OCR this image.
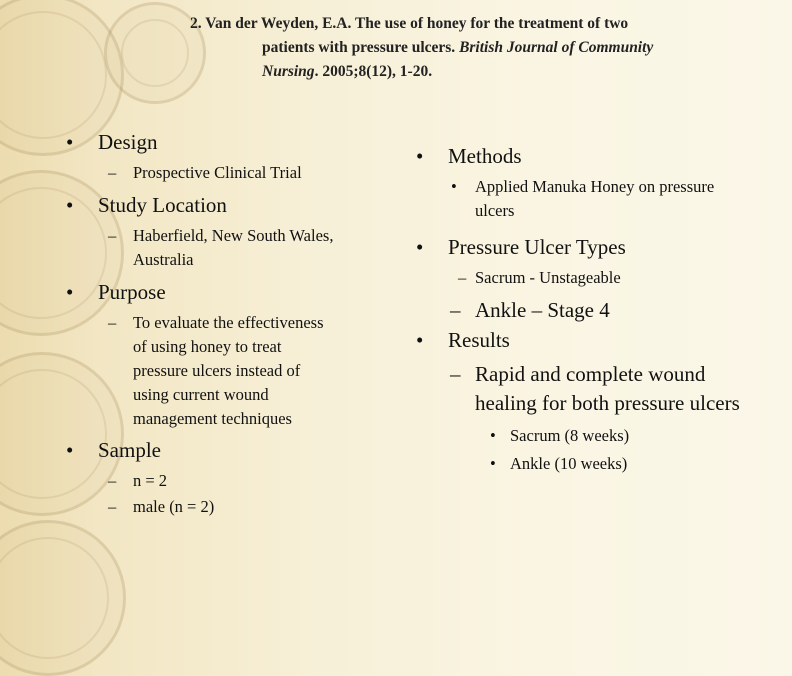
2. Van der Weyden, E.A. The use of honey for the treatment of two
patients with pressure ulcers. British Journal of Community
Nursing. 2005;8(12), 1-20.
• Design
– Prospective Clinical Trial
• Study Location
– Haberfield, New South Wales,
Australia
• Purpose
– To evaluate the effectiveness
of using honey to treat
pressure ulcers instead of
using current wound
management techniques
• Sample
– n = 2
– male (n = 2)
• Methods
• Applied Manuka Honey on pressure
ulcers
• Pressure Ulcer Types
– Sacrum - Unstageable
– Ankle – Stage 4
• Results
– Rapid and complete wound
healing for both pressure ulcers
• Sacrum (8 weeks)
• Ankle (10 weeks)
